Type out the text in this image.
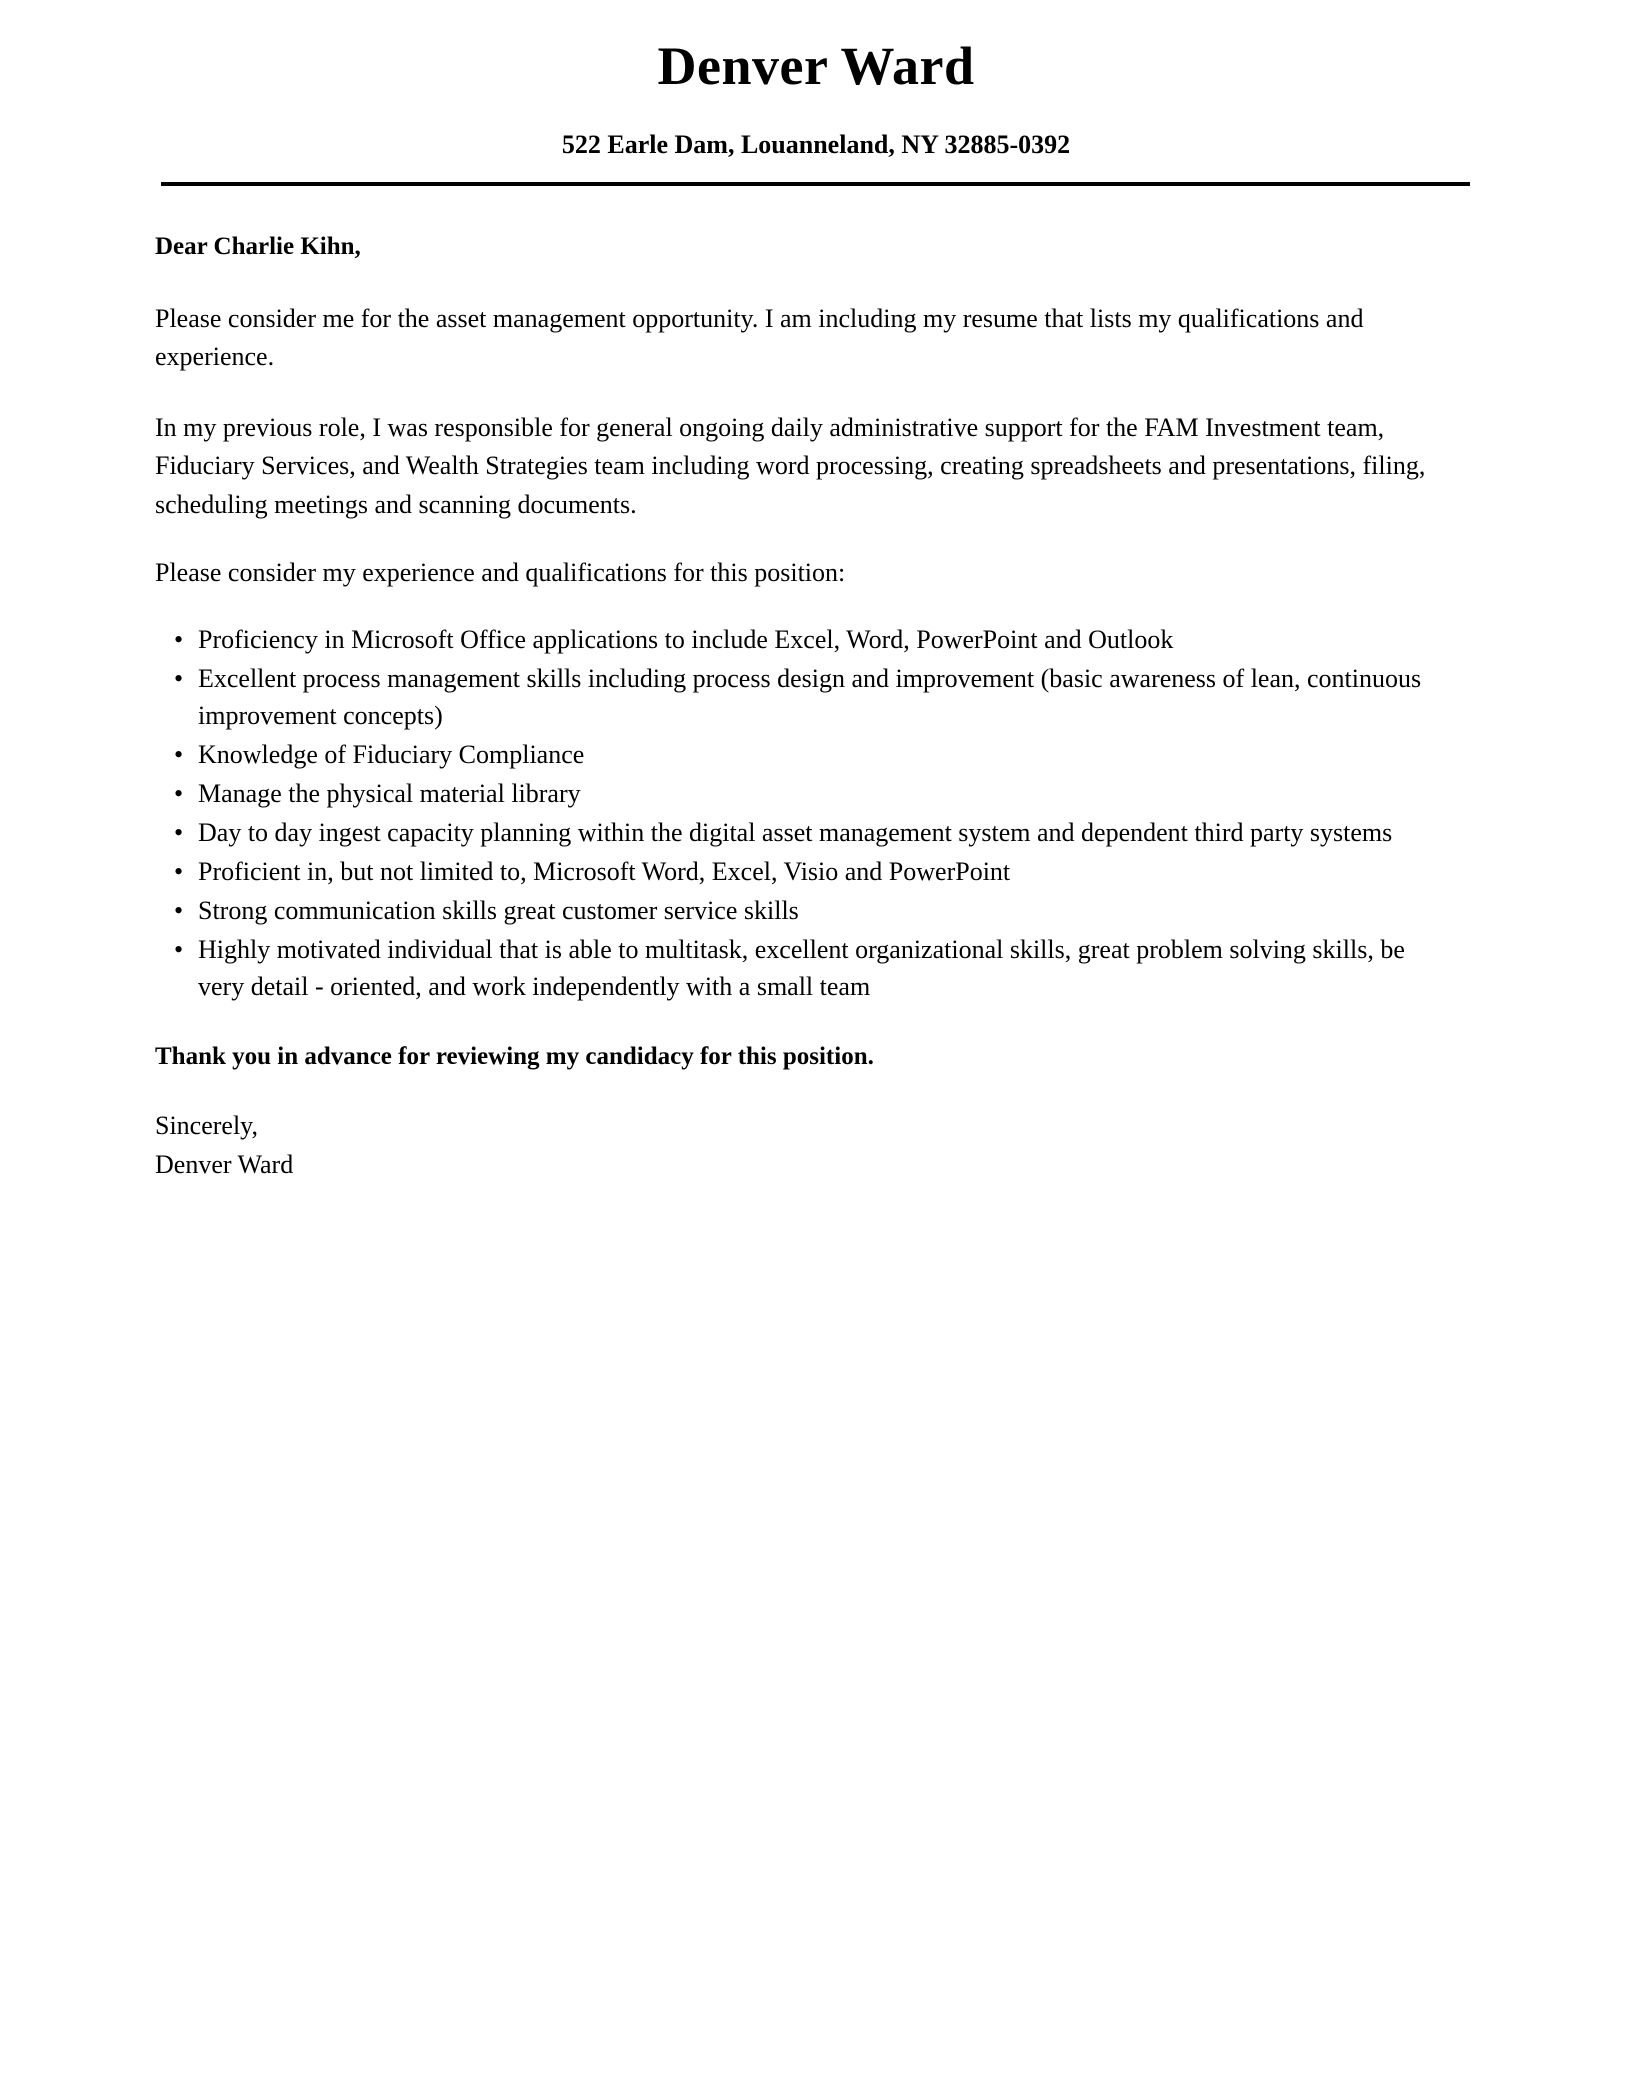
Denver Ward
522 Earle Dam, Louanneland, NY 32885-0392

Dear Charlie Kihn,

Please consider me for the asset management opportunity. I am including my resume that lists my qualifications and experience.

In my previous role, I was responsible for general ongoing daily administrative support for the FAM Investment team, Fiduciary Services, and Wealth Strategies team including word processing, creating spreadsheets and presentations, filing, scheduling meetings and scanning documents.

Please consider my experience and qualifications for this position:

• Proficiency in Microsoft Office applications to include Excel, Word, PowerPoint and Outlook
• Excellent process management skills including process design and improvement (basic awareness of lean, continuous improvement concepts)
• Knowledge of Fiduciary Compliance
• Manage the physical material library
• Day to day ingest capacity planning within the digital asset management system and dependent third party systems
• Proficient in, but not limited to, Microsoft Word, Excel, Visio and PowerPoint
• Strong communication skills great customer service skills
• Highly motivated individual that is able to multitask, excellent organizational skills, great problem solving skills, be very detail - oriented, and work independently with a small team

Thank you in advance for reviewing my candidacy for this position.

Sincerely,
Denver Ward
